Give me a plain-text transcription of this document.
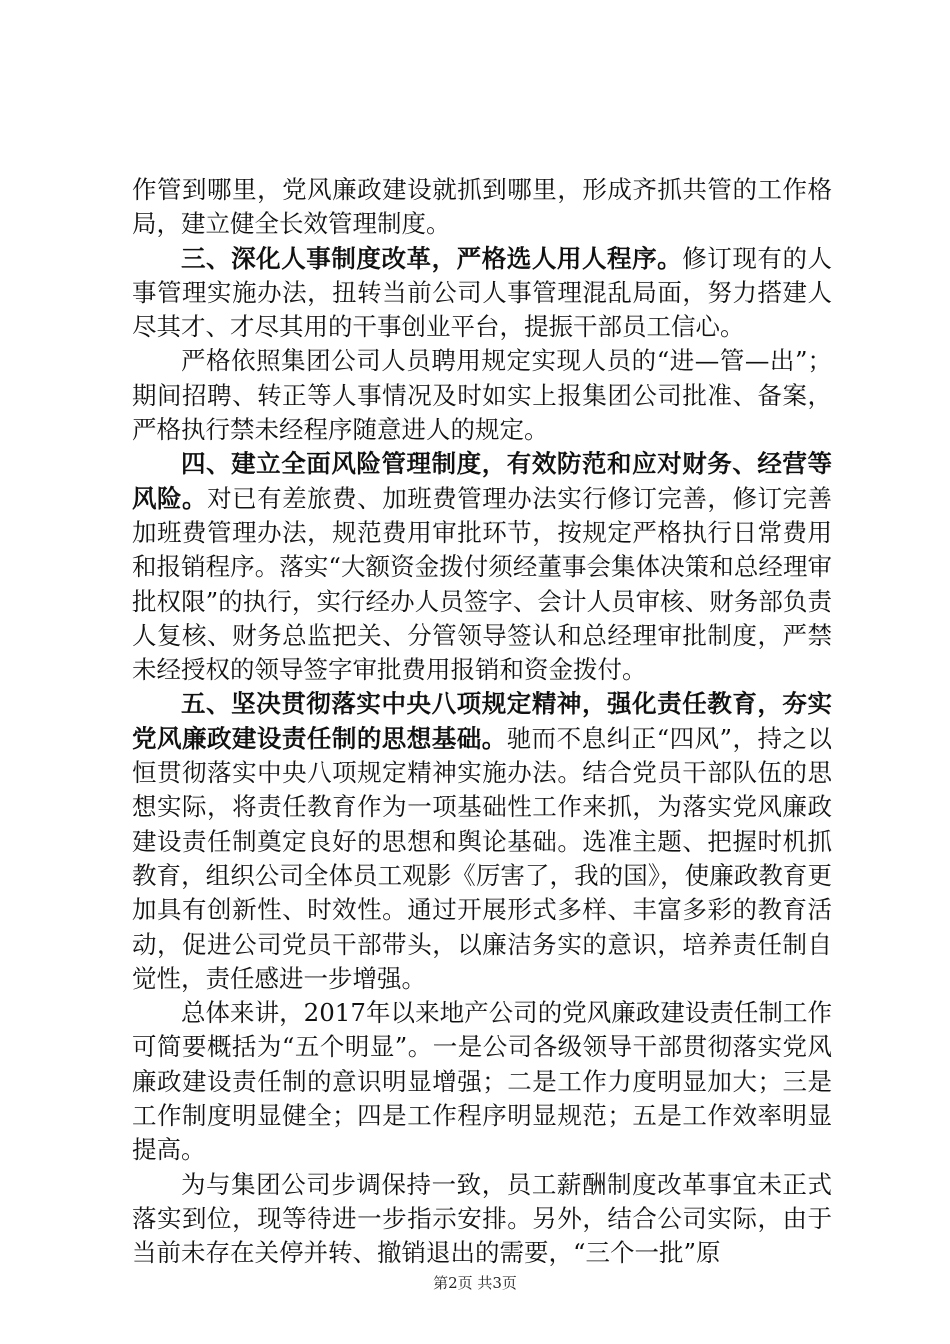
作管到哪里，党风廉政建设就抓到哪里，形成齐抓共管的工作格局，建立健全长效管理制度。

三、深化人事制度改革，严格选人用人程序。修订现有的人事管理实施办法，扭转当前公司人事管理混乱局面，努力搭建人尽其才、才尽其用的干事创业平台，提振干部员工信心。

严格依照集团公司人员聘用规定实现人员的“进—管—出”；期间招聘、转正等人事情况及时如实上报集团公司批准、备案，严格执行禁未经程序随意进人的规定。

四、建立全面风险管理制度，有效防范和应对财务、经营等风险。对已有差旅费、加班费管理办法实行修订完善，修订完善加班费管理办法，规范费用审批环节，按规定严格执行日常费用和报销程序。落实“大额资金拨付须经董事会集体决策和总经理审批权限”的执行，实行经办人员签字、会计人员审核、财务部负责人复核、财务总监把关、分管领导签认和总经理审批制度，严禁未经授权的领导签字审批费用报销和资金拨付。

五、坚决贯彻落实中央八项规定精神，强化责任教育，夯实党风廉政建设责任制的思想基础。驰而不息纠正“四风”，持之以恒贯彻落实中央八项规定精神实施办法。结合党员干部队伍的思想实际，将责任教育作为一项基础性工作来抓，为落实党风廉政建设责任制奠定良好的思想和舆论基础。选准主题、把握时机抓教育，组织公司全体员工观影《厉害了，我的国》，使廉政教育更加具有创新性、时效性。通过开展形式多样、丰富多彩的教育活动，促进公司党员干部带头，以廉洁务实的意识，培养责任制自觉性，责任感进一步增强。

总体来讲，2017年以来地产公司的党风廉政建设责任制工作可简要概括为“五个明显”。一是公司各级领导干部贯彻落实党风廉政建设责任制的意识明显增强；二是工作力度明显加大；三是工作制度明显健全；四是工作程序明显规范；五是工作效率明显提高。

为与集团公司步调保持一致，员工薪酬制度改革事宜未正式落实到位，现等待进一步指示安排。另外，结合公司实际，由于当前未存在关停并转、撤销退出的需要，“三个一批”原

第2页 共3页
